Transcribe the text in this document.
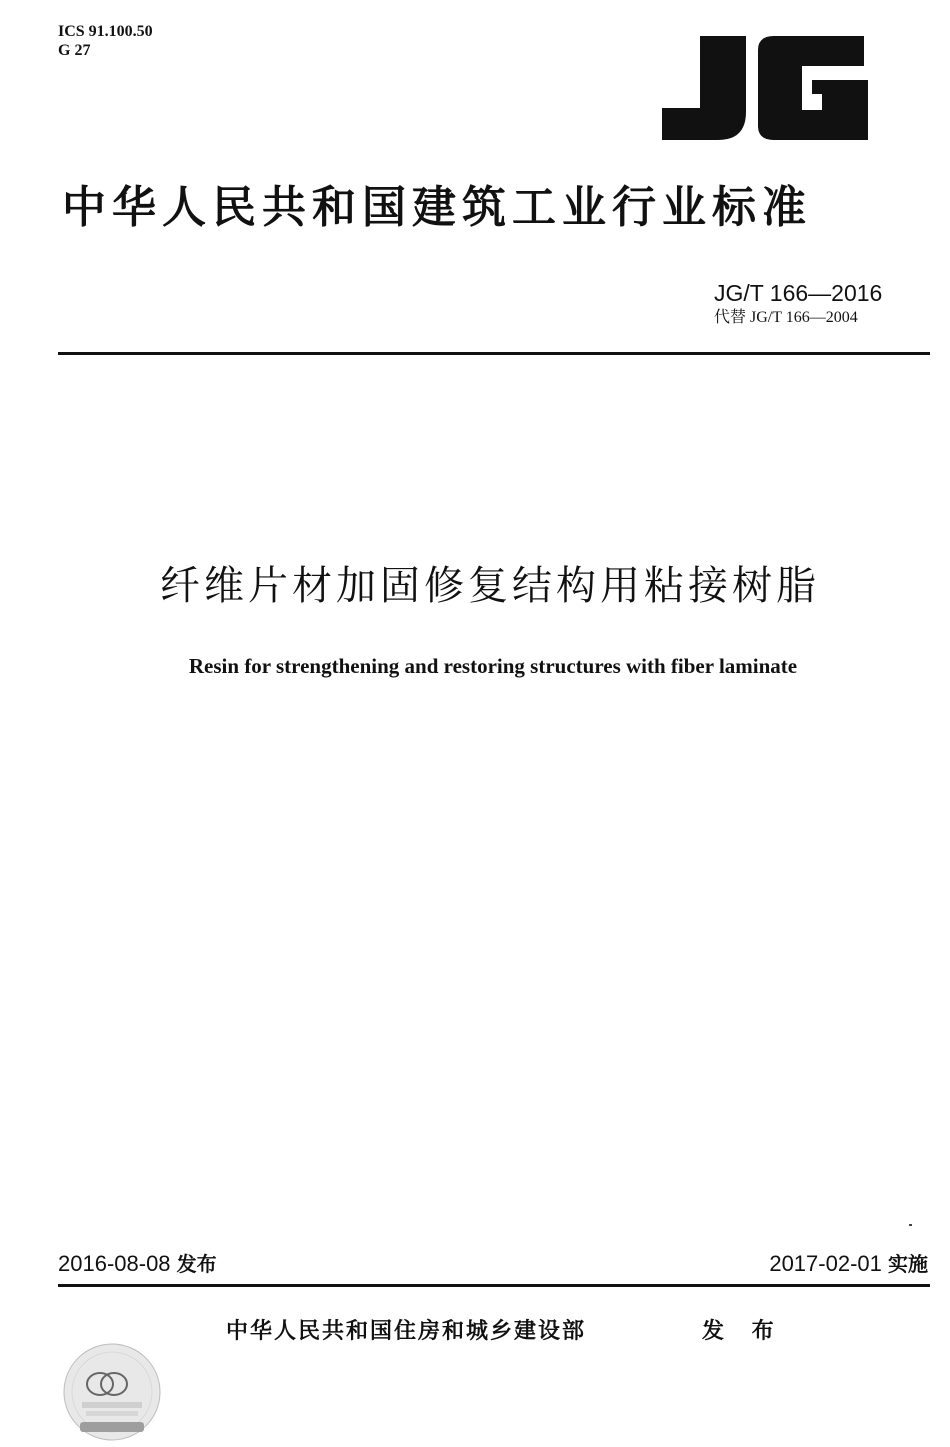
ICS 91.100.50
G 27
中华人民共和国建筑工业行业标准
JG/T 166—2016
代替 JG/T 166—2004
纤维片材加固修复结构用粘接树脂
Resin for strengthening and restoring structures with fiber laminate
2016-08-08 发布	2017-02-01 实施
中华人民共和国住房和城乡建设部	发 布
